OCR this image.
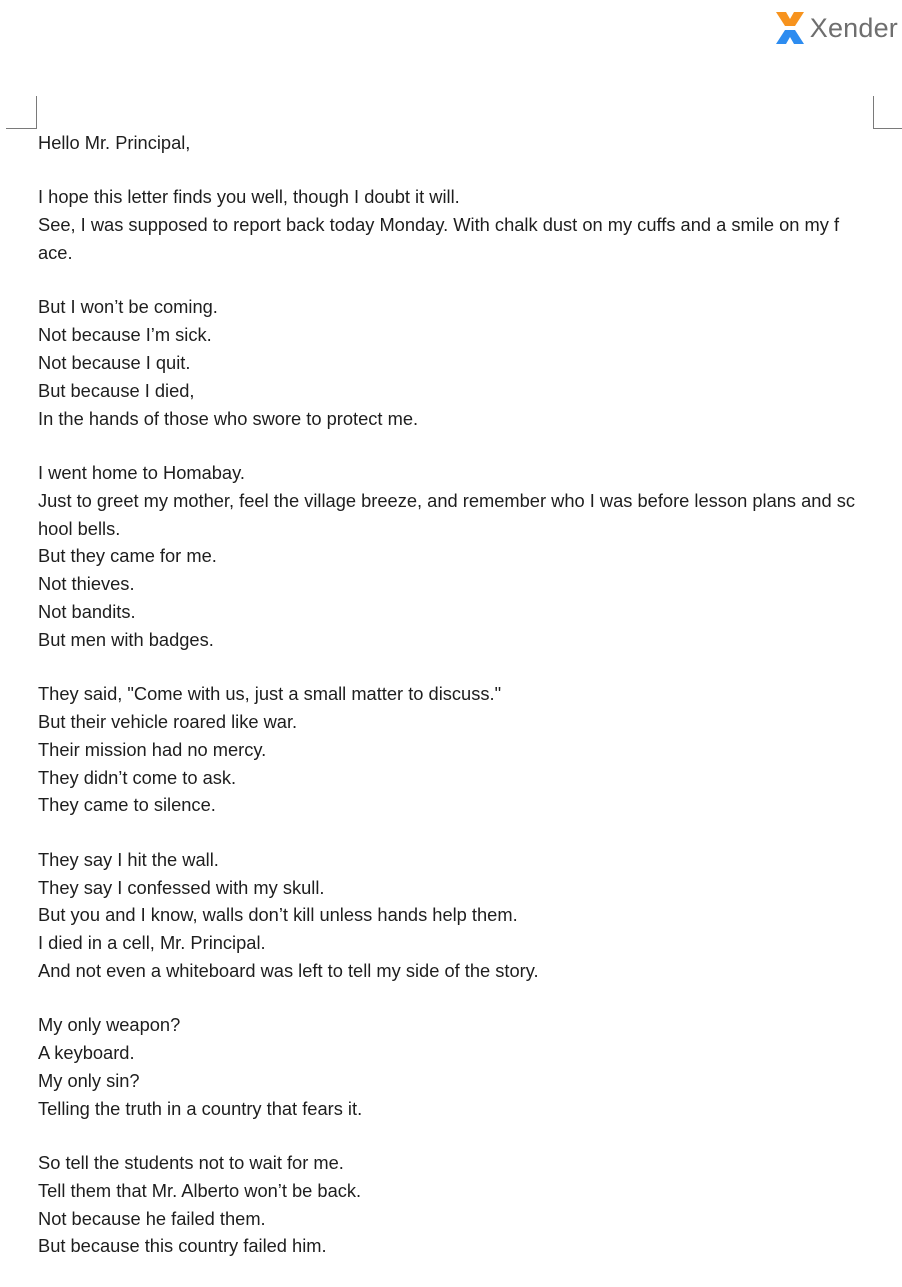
Xender
Hello Mr. Principal,
I hope this letter finds you well, though I doubt it will.
See, I was supposed to report back today Monday. With chalk dust on my cuffs and a smile on my f
ace.
But I won’t be coming.
Not because I’m sick.
Not because I quit.
But because I died,
In the hands of those who swore to protect me.
I went home to Homabay.
Just to greet my mother, feel the village breeze, and remember who I was before lesson plans and sc
hool bells.
But they came for me.
Not thieves.
Not bandits.
But men with badges.
They said, "Come with us, just a small matter to discuss."
But their vehicle roared like war.
Their mission had no mercy.
They didn’t come to ask.
They came to silence.
They say I hit the wall.
They say I confessed with my skull.
But you and I know, walls don’t kill unless hands help them.
I died in a cell, Mr. Principal.
And not even a whiteboard was left to tell my side of the story.
My only weapon?
A keyboard.
My only sin?
Telling the truth in a country that fears it.
So tell the students not to wait for me.
Tell them that Mr. Alberto won’t be back.
Not because he failed them.
But because this country failed him.
